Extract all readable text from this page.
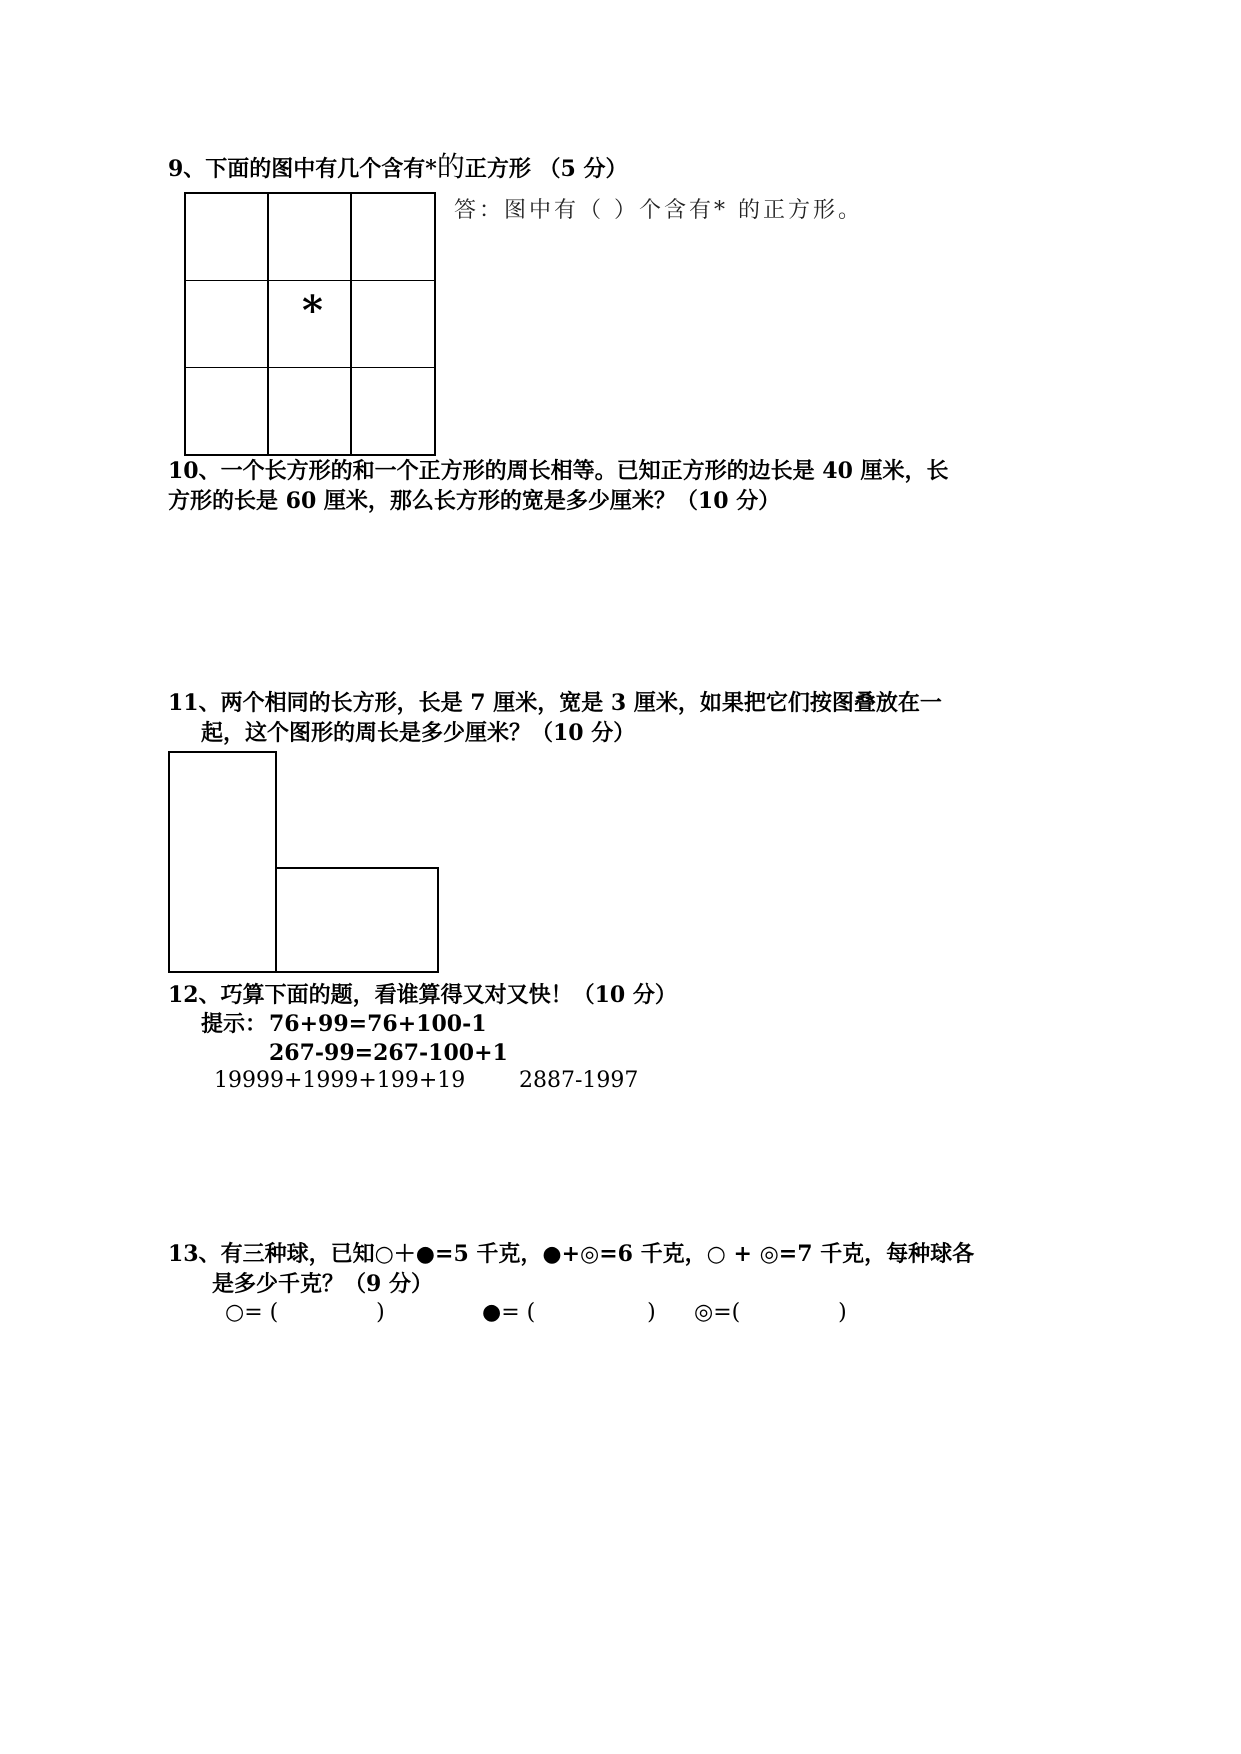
9、下面的图中有几个含有*的正方形 （5 分）
*
答：图中有（ ）个含有* 的正方形。
10、一个长方形的和一个正方形的周长相等。已知正方形的边长是 40 厘米，长
方形的长是 60 厘米，那么长方形的宽是多少厘米？（10 分）
11、两个相同的长方形，长是 7 厘米，宽是 3 厘米，如果把它们按图叠放在一
起，这个图形的周长是多少厘米？（10 分）
12、巧算下面的题，看谁算得又对又快！（10 分）
提示： 76+99=76+100-1
267-99=267-100+1
19999+1999+199+19 2887-1997
13、有三种球，已知○＋●=5 千克，●+◎=6 千克，○ + ◎=7 千克，每种球各
是多少千克？（9 分）
○= (              )	●= (                ) ◎=(              )
